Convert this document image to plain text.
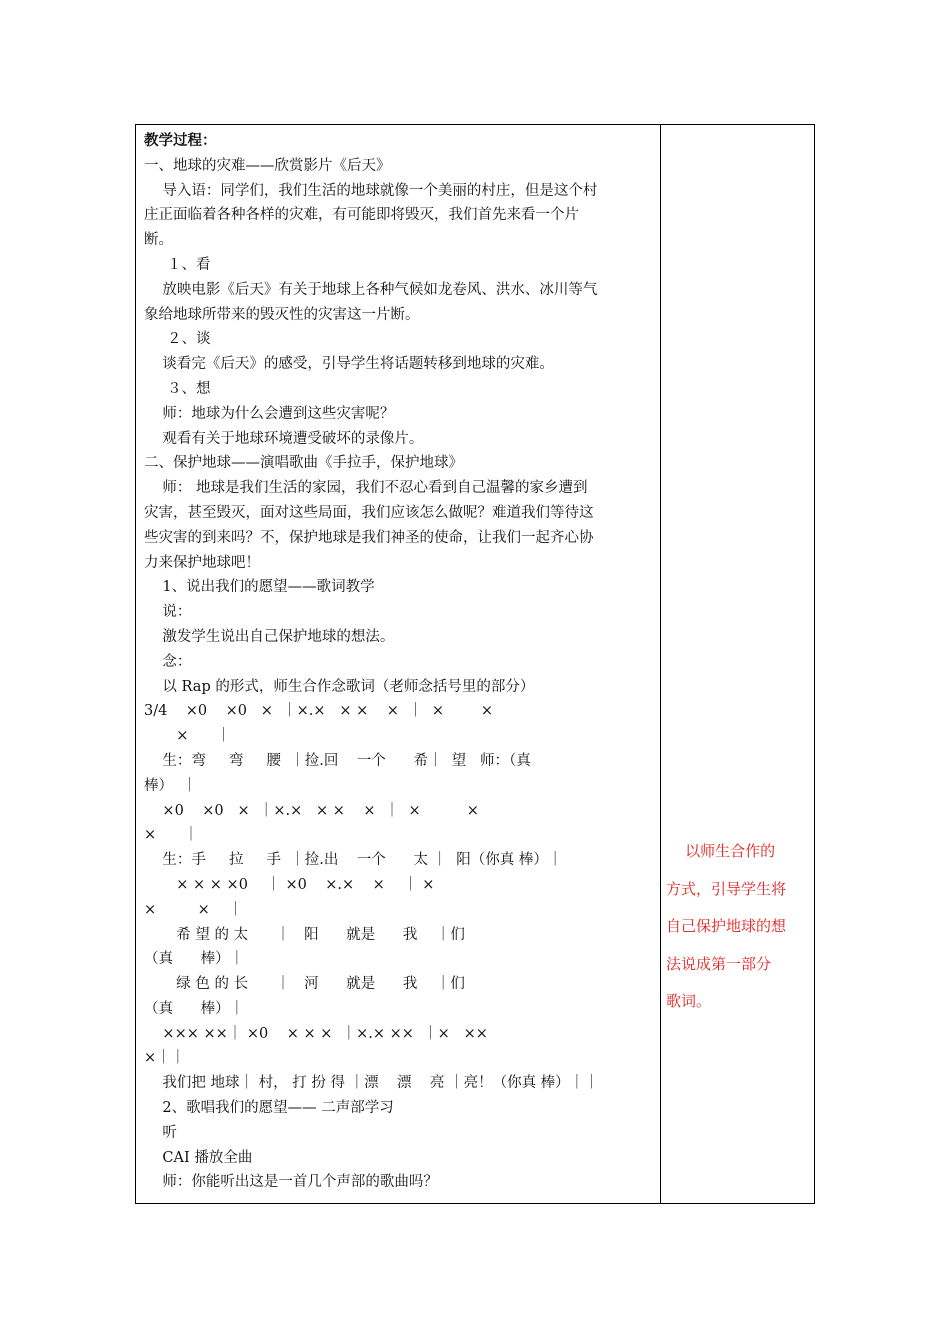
教学过程：
一、地球的灾难——欣赏影片《后天》
导入语：同学们，我们生活的地球就像一个美丽的村庄，但是这个村
庄正面临着各种各样的灾难，有可能即将毁灭，我们首先来看一个片
断。
１、看
放映电影《后天》有关于地球上各种气候如龙卷风、洪水、冰川等气
象给地球所带来的毁灭性的灾害这一片断。
２、谈
谈看完《后天》的感受，引导学生将话题转移到地球的灾难。
３、想
师：地球为什么会遭到这些灾害呢？
观看有关于地球环境遭受破坏的录像片。
二、保护地球——演唱歌曲《手拉手，保护地球》
师： 地球是我们生活的家园，我们不忍心看到自己温馨的家乡遭到
灾害，甚至毁灭，面对这些局面，我们应该怎么做呢？难道我们等待这
些灾害的到来吗？不，保护地球是我们神圣的使命，让我们一起齐心协
力来保护地球吧！
1、说出我们的愿望——歌词教学
说：
激发学生说出自己保护地球的想法。
念：
以 Rap 的形式，师生合作念歌词（老师念括号里的部分）
3/4    ×0    ×0   ×  ｜×.×   × ×    ×  ｜  ×        ×
×      ｜
生：弯     弯     腰  ｜捡.回    一个      希｜  望   师：（真
棒）  ｜
×0    ×0   ×  ｜×.×   × ×    ×  ｜  ×          ×
×      ｜
生：手     拉     手  ｜捡.出    一个      太 ｜  阳（你真 棒）｜
× × × ×0    ｜ ×0    ×.×    ×    ｜ ×
×         ×    ｜
希 望 的 太      ｜   阳      就是      我    ｜们
（真      棒）｜
绿 色 的 长      ｜   河      就是      我    ｜们
（真      棒）｜
××× ××｜ ×0    × × ×  ｜×.× ××  ｜×   ××
×｜｜
我们把 地球｜ 村， 打 扮 得 ｜漂    漂    亮 ｜亮！（你真 棒）｜｜
2、歌唱我们的愿望—— 二声部学习
听
CAI 播放全曲
师：你能听出这是一首几个声部的歌曲吗？
以师生合作的
方式，引导学生将
自己保护地球的想
法说成第一部分
歌词。
